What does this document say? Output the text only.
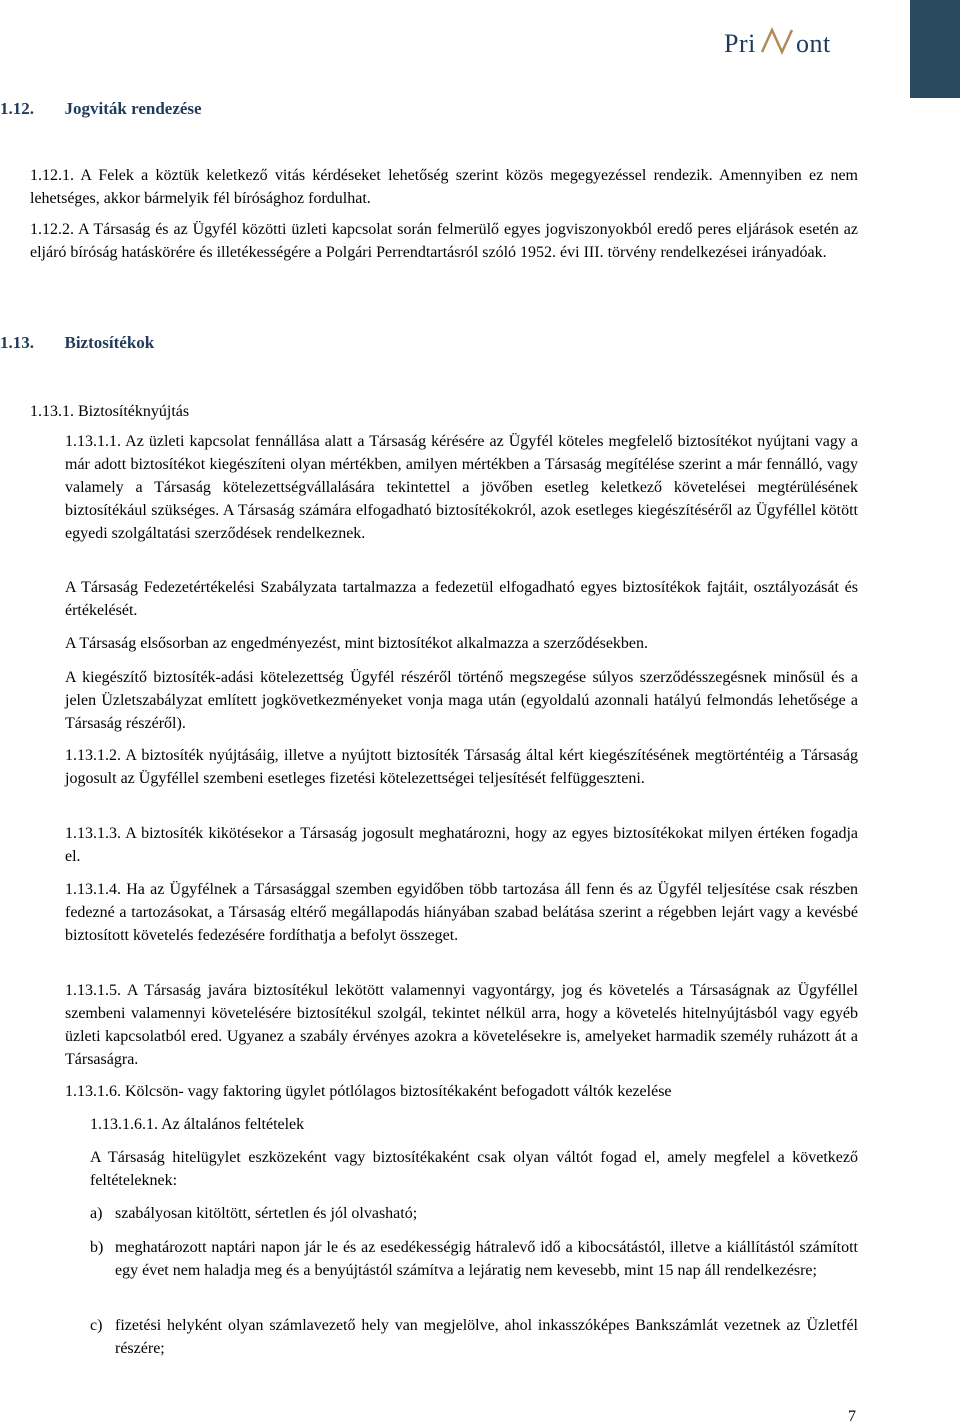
Pri ont
1.12. Jogviták rendezése
1.12.1. A Felek a köztük keletkező vitás kérdéseket lehetőség szerint közös megegyezéssel rendezik. Amennyiben ez nem lehetséges, akkor bármelyik fél bírósághoz fordulhat.
1.12.2. A Társaság és az Ügyfél közötti üzleti kapcsolat során felmerülő egyes jogviszonyokból eredő peres eljárások esetén az eljáró bíróság hatáskörére és illetékességére a Polgári Perrendtartásról szóló 1952. évi III. törvény rendelkezései irányadóak.
1.13. Biztosítékok
1.13.1. Biztosítéknyújtás
1.13.1.1. Az üzleti kapcsolat fennállása alatt a Társaság kérésére az Ügyfél köteles megfelelő biztosítékot nyújtani vagy a már adott biztosítékot kiegészíteni olyan mértékben, amilyen mértékben a Társaság megítélése szerint a már fennálló, vagy valamely a Társaság kötelezettségvállalására tekintettel a jövőben esetleg keletkező követelései megtérülésének biztosítékául szükséges. A Társaság számára elfogadható biztosítékokról, azok esetleges kiegészítéséről az Ügyféllel kötött egyedi szolgáltatási szerződések rendelkeznek.
A Társaság Fedezetértékelési Szabályzata tartalmazza a fedezetül elfogadható egyes biztosítékok fajtáit, osztályozását és értékelését.
A Társaság elsősorban az engedményezést, mint biztosítékot alkalmazza a szerződésekben.
A kiegészítő biztosíték-adási kötelezettség Ügyfél részéről történő megszegése súlyos szerződésszegésnek minősül és a jelen Üzletszabályzat említett jogkövetkezményeket vonja maga után (egyoldalú azonnali hatályú felmondás lehetősége a Társaság részéről).
1.13.1.2. A biztosíték nyújtásáig, illetve a nyújtott biztosíték Társaság által kért kiegészítésének megtörténtéig a Társaság jogosult az Ügyféllel szembeni esetleges fizetési kötelezettségei teljesítését felfüggeszteni.
1.13.1.3. A biztosíték kikötésekor a Társaság jogosult meghatározni, hogy az egyes biztosítékokat milyen értéken fogadja el.
1.13.1.4. Ha az Ügyfélnek a Társasággal szemben egyidőben több tartozása áll fenn és az Ügyfél teljesítése csak részben fedezné a tartozásokat, a Társaság eltérő megállapodás hiányában szabad belátása szerint a régebben lejárt vagy a kevésbé biztosított követelés fedezésére fordíthatja a befolyt összeget.
1.13.1.5. A Társaság javára biztosítékul lekötött valamennyi vagyontárgy, jog és követelés a Társaságnak az Ügyféllel szembeni valamennyi követelésére biztosítékul szolgál, tekintet nélkül arra, hogy a követelés hitelnyújtásból vagy egyéb üzleti kapcsolatból ered. Ugyanez a szabály érvényes azokra a követelésekre is, amelyeket harmadik személy ruházott át a Társaságra.
1.13.1.6. Kölcsön- vagy faktoring ügylet pótlólagos biztosítékaként befogadott váltók kezelése
1.13.1.6.1. Az általános feltételek
A Társaság hitelügylet eszközeként vagy biztosítékaként csak olyan váltót fogad el, amely megfelel a következő feltételeknek:
a) szabályosan kitöltött, sértetlen és jól olvasható;
b) meghatározott naptári napon jár le és az esedékességig hátralevő idő a kibocsátástól, illetve a kiállítástól számított egy évet nem haladja meg és a benyújtástól számítva a lejáratig nem kevesebb, mint 15 nap áll rendelkezésre;
c) fizetési helyként olyan számlavezető hely van megjelölve, ahol inkasszóképes Bankszámlát vezetnek az Üzletfél részére;
7
